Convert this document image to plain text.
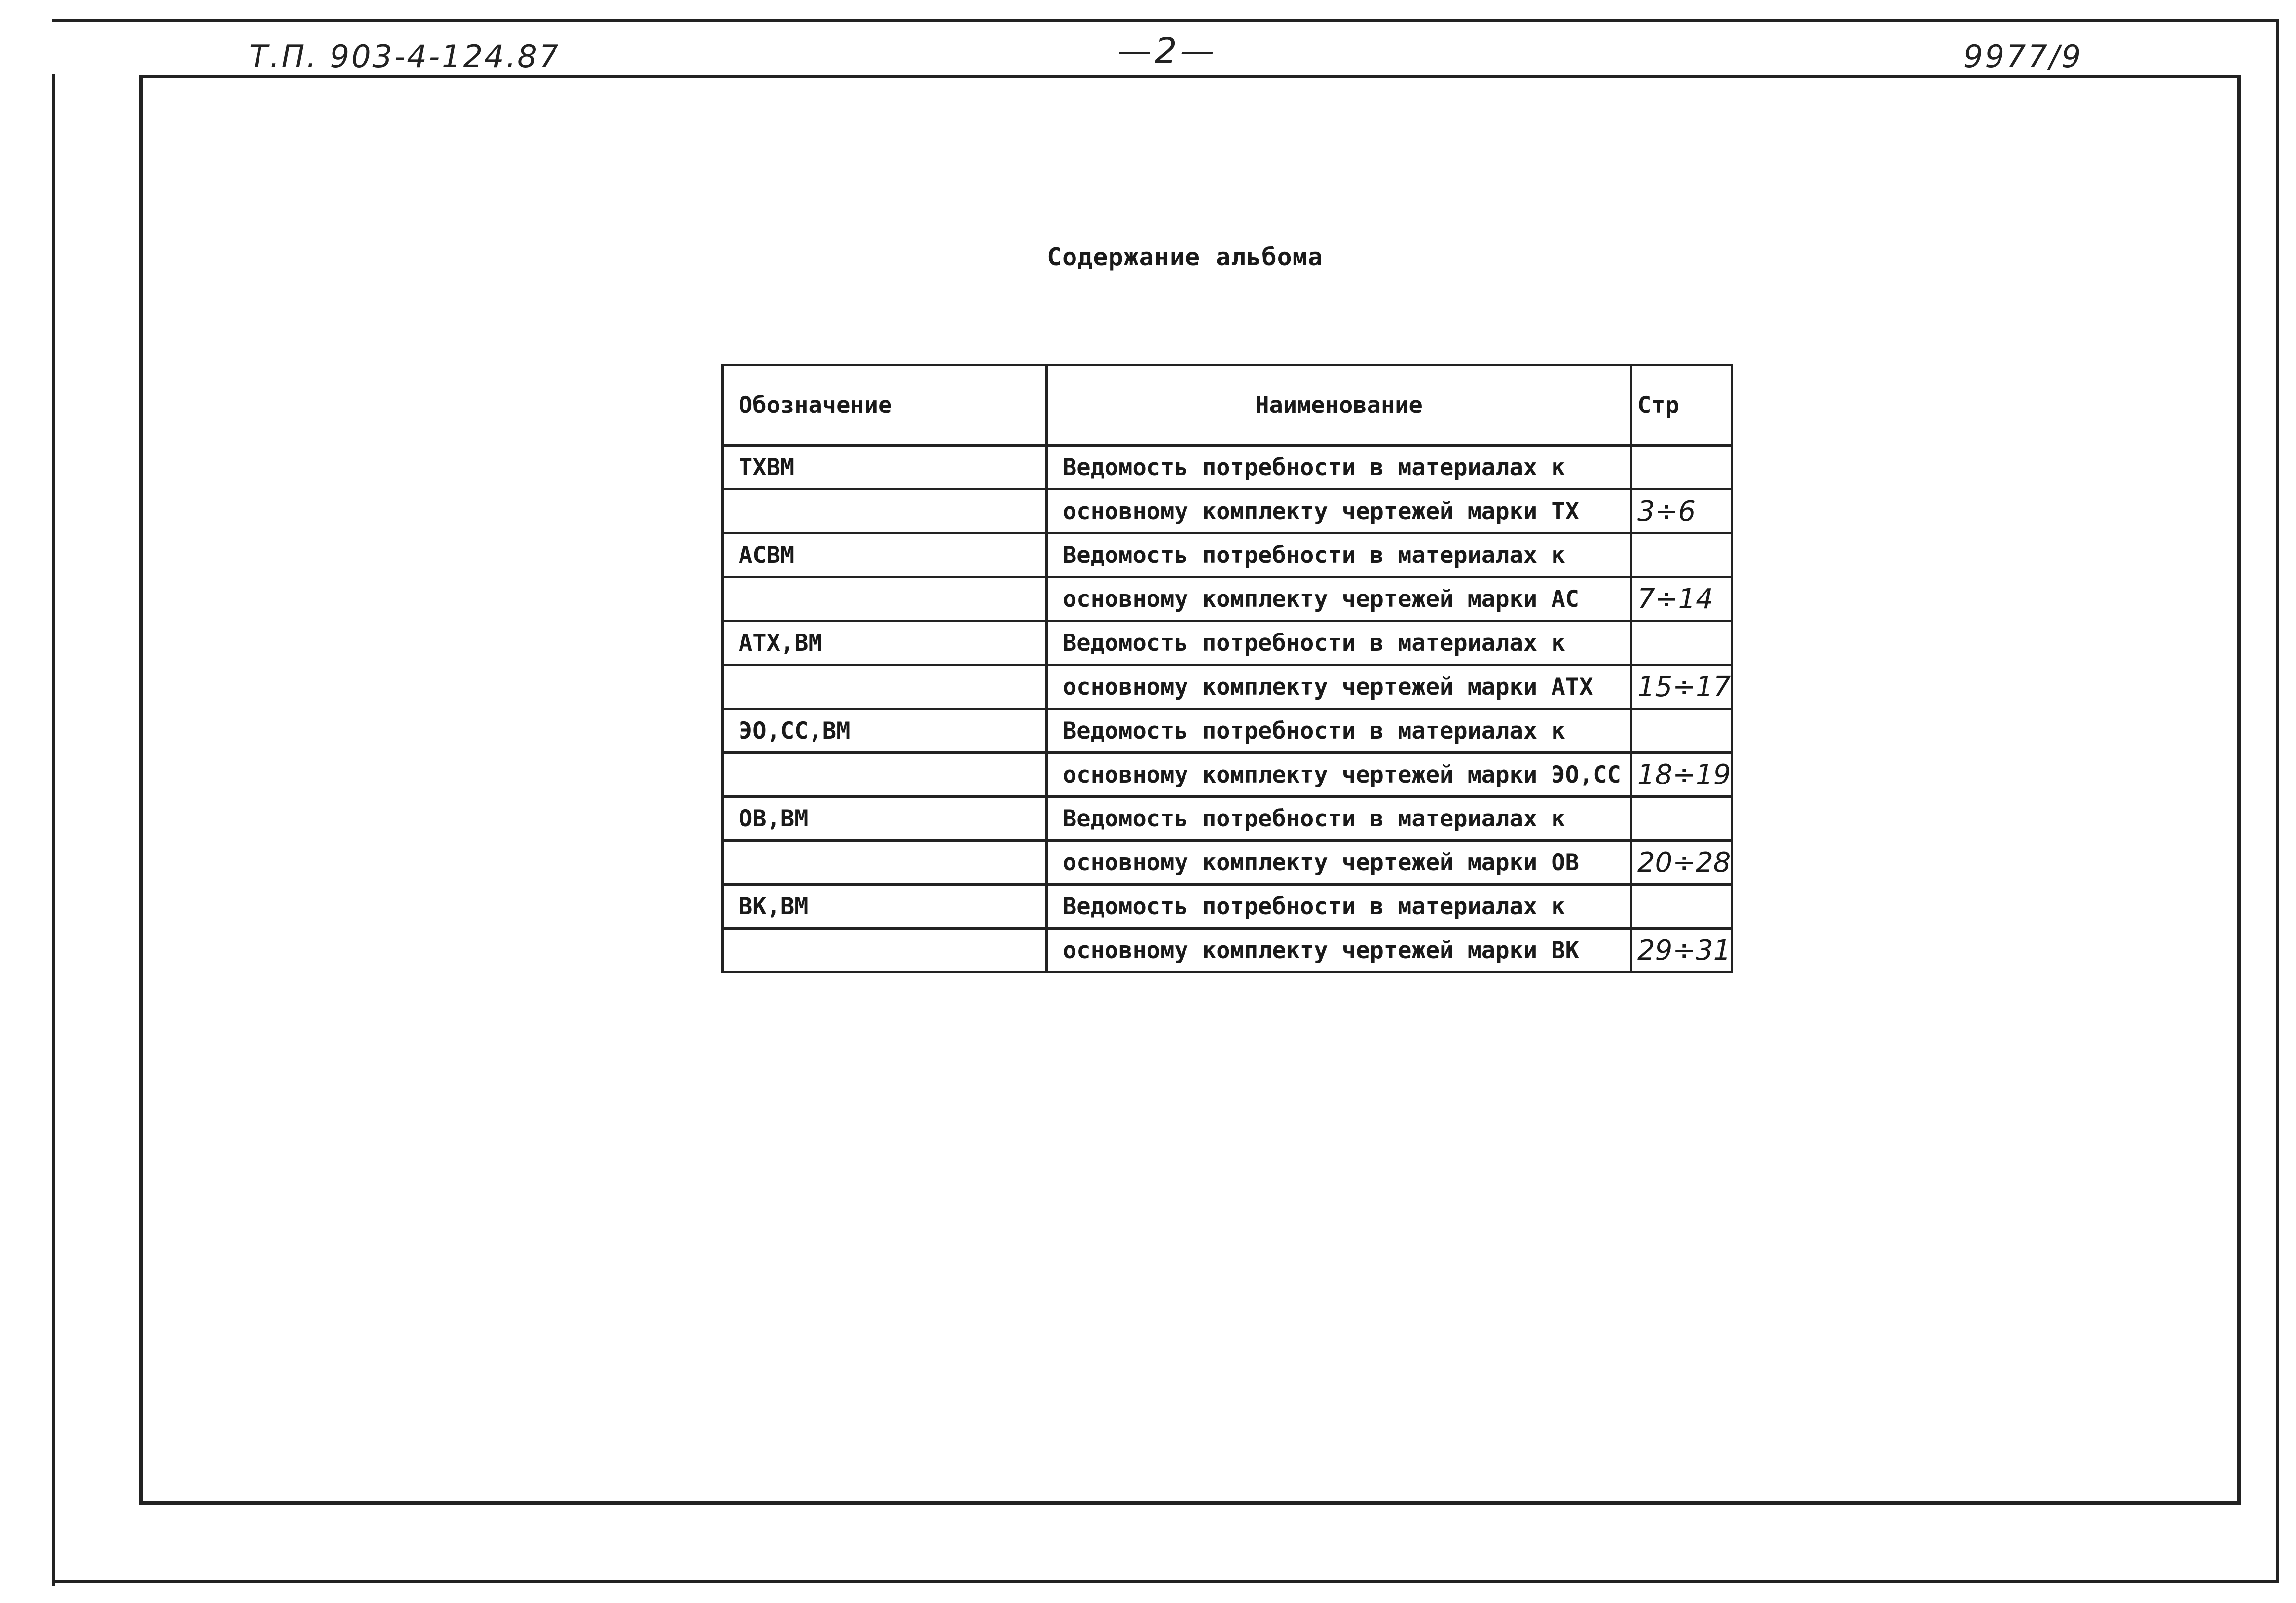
Т.П. 903-4-124.87	—2—	9977/9
Содержание альбома
Обозначение	Наименование	Стр
ТХВМ	Ведомость потребности в материалах к	
	основному комплекту чертежей марки ТХ	3÷6
АСВМ	Ведомость потребности в материалах к	
	основному комплекту чертежей марки АС	7÷14
АТХ,ВМ	Ведомость потребности в материалах к	
	основному комплекту чертежей марки АТХ	15÷17
ЭО,СС,ВМ	Ведомость потребности в материалах к	
	основному комплекту чертежей марки ЭО,СС	18÷19
ОВ,ВМ	Ведомость потребности в материалах к	
	основному комплекту чертежей марки ОВ	20÷28
ВК,ВМ	Ведомость потребности в материалах к	
	основному комплекту чертежей марки ВК	29÷31
